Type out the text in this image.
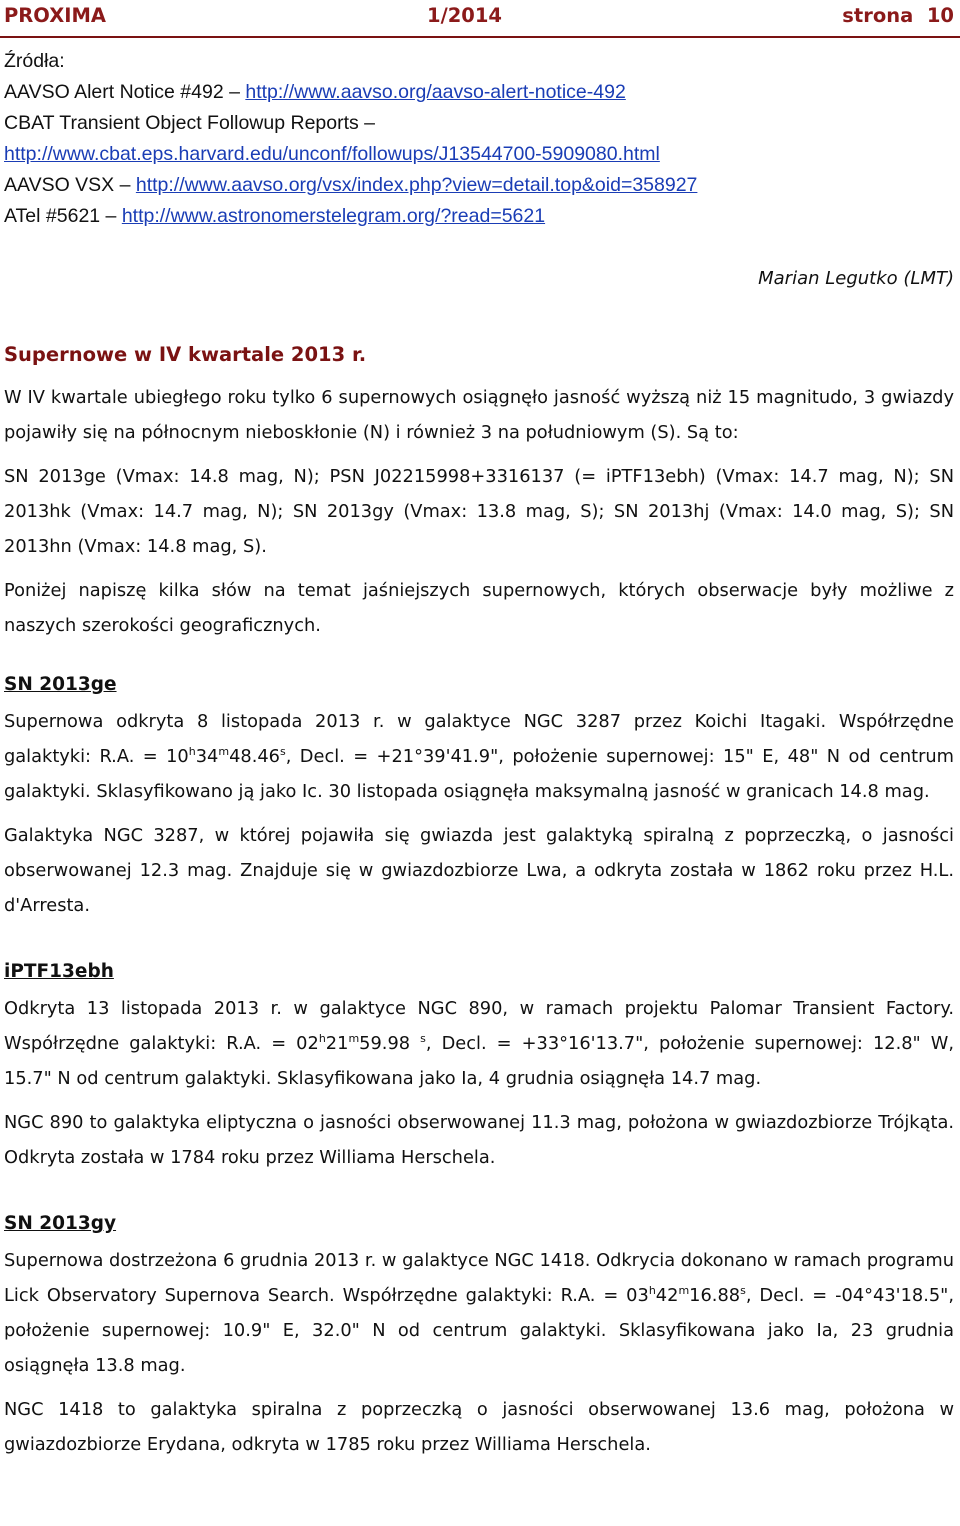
PROXIMA	1/2014	strona  10
Źródła:
AAVSO Alert Notice #492 – http://www.aavso.org/aavso-alert-notice-492
CBAT Transient Object Followup Reports –
http://www.cbat.eps.harvard.edu/unconf/followups/J13544700-5909080.html
AAVSO VSX – http://www.aavso.org/vsx/index.php?view=detail.top&oid=358927
ATel #5621 – http://www.astronomerstelegram.org/?read=5621
Marian Legutko (LMT)
Supernowe w IV kwartale 2013 r.

W IV kwartale ubiegłego roku tylko 6 supernowych osiągnęło jasność wyższą niż 15 magnitudo, 3 gwiazdy pojawiły się na północnym nieboskłonie (N) i również 3 na południowym (S). Są to:

SN 2013ge (Vmax: 14.8 mag, N); PSN J02215998+3316137 (= iPTF13ebh) (Vmax: 14.7 mag, N); SN 2013hk (Vmax: 14.7 mag, N); SN 2013gy (Vmax: 13.8 mag, S); SN 2013hj (Vmax: 14.0 mag, S); SN 2013hn (Vmax: 14.8 mag, S).

Poniżej napiszę kilka słów na temat jaśniejszych supernowych, których obserwacje były możliwe z naszych szerokości geograficznych.

SN 2013ge

Supernowa odkryta 8 listopada 2013 r. w galaktyce NGC 3287 przez Koichi Itagaki. Współrzędne galaktyki: R.A. = $10^h34^m48.46^s$, Decl. = +21°39'41.9", położenie supernowej: 15" E, 48" N od centrum galaktyki. Sklasyfikowano ją jako Ic. 30 listopada osiągnęła maksymalną jasność w granicach 14.8 mag.

Galaktyka NGC 3287, w której pojawiła się gwiazda jest galaktyką spiralną z poprzeczką, o jasności obserwowanej 12.3 mag. Znajduje się w gwiazdozbiorze Lwa, a odkryta została w 1862 roku przez H.L. d'Arresta.

iPTF13ebh

Odkryta 13 listopada 2013 r. w galaktyce NGC 890, w ramach projektu Palomar Transient Factory. Współrzędne galaktyki: R.A. = $02^h21^m59.98$ $^s$, Decl. = +33°16'13.7", położenie supernowej: 12.8" W, 15.7" N od centrum galaktyki. Sklasyfikowana jako Ia, 4 grudnia osiągnęła 14.7 mag.

NGC 890 to galaktyka eliptyczna o jasności obserwowanej 11.3 mag, położona w gwiazdozbiorze Trójkąta. Odkryta została w 1784 roku przez Williama Herschela.

SN 2013gy

Supernowa dostrzeżona 6 grudnia 2013 r. w galaktyce NGC 1418. Odkrycia dokonano w ramach programu Lick Observatory Supernova Search. Współrzędne galaktyki: R.A. = $03^h42^m16.88^s$, Decl. = -04°43'18.5", położenie supernowej: 10.9" E, 32.0" N od centrum galaktyki. Sklasyfikowana jako Ia, 23 grudnia osiągnęła 13.8 mag.

NGC 1418 to galaktyka spiralna z poprzeczką o jasności obserwowanej 13.6 mag, położona w gwiazdozbiorze Erydana, odkryta w 1785 roku przez Williama Herschela.
